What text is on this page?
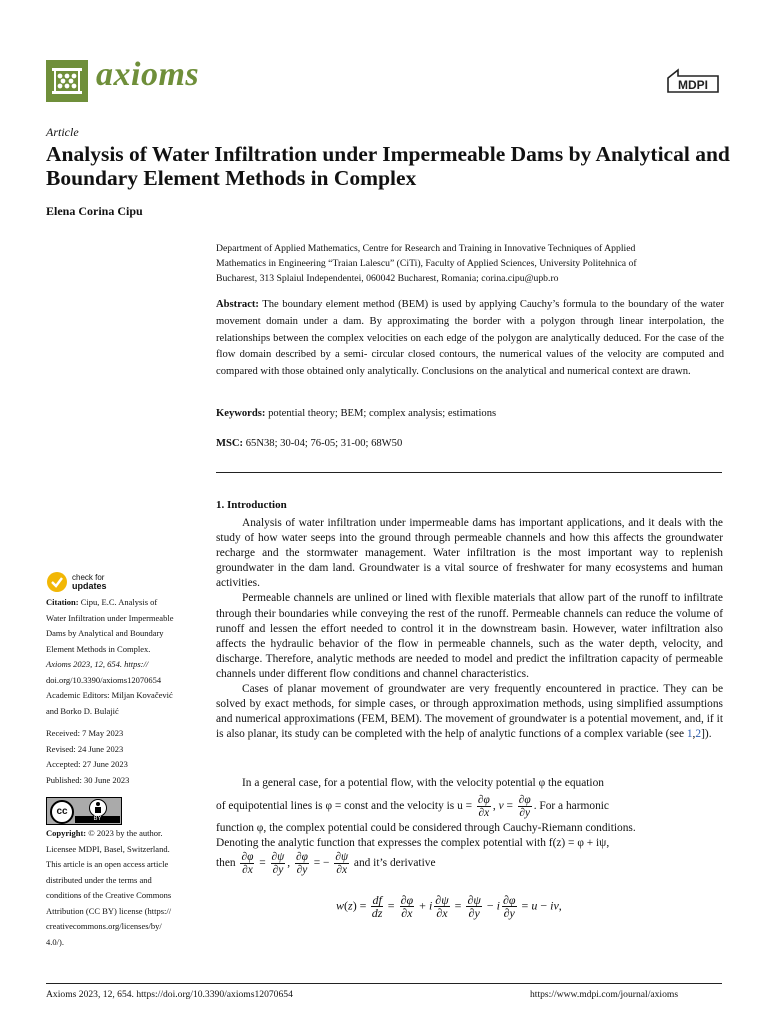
axioms	MDPI
Article
Analysis of Water Infiltration under Impermeable Dams by Analytical and Boundary Element Methods in Complex
Elena Corina Cipu
Department of Applied Mathematics, Centre for Research and Training in Innovative Techniques of Applied
Mathematics in Engineering “Traian Lalescu” (CiTi), Faculty of Applied Sciences, University Politehnica of
Bucharest, 313 Splaiul Independentei, 060042 Bucharest, Romania; corina.cipu@upb.ro
Abstract: The boundary element method (BEM) is used by applying Cauchy’s formula to the boundary of the water movement domain under a dam. By approximating the border with a polygon through linear interpolation, the relationships between the complex velocities on each edge of the polygon are analytically deduced. For the case of the flow domain described by a semi- circular closed contours, the numerical values of the velocity are computed and compared with those obtained only analytically. Conclusions on the analytical and numerical context are drawn.
Keywords: potential theory; BEM; complex analysis; estimations
MSC: 65N38; 30-04; 76-05; 31-00; 68W50
1. Introduction

Analysis of water infiltration under impermeable dams has important applications, and it deals with the study of how water seeps into the ground through permeable channels and how this affects the groundwater recharge and the stormwater management. Water infiltration is the most important way to replenish groundwater in the dam land. Groundwater is a vital source of freshwater for many ecosystems and human activities.

Permeable channels are unlined or lined with flexible materials that allow part of the runoff to infiltrate through their boundaries while conveying the rest of the runoff. Permeable channels can reduce the volume of runoff and lessen the effort needed to control it in the downstream basin. However, water infiltration also affects the hydraulic behavior of the flow in permeable channels, such as the water depth, velocity, and discharge. Therefore, analytic methods are needed to model and predict the infiltration capacity of permeable channels under different flow conditions and channel characteristics.

Cases of planar movement of groundwater are very frequently encountered in practice. They can be solved by exact methods, for simple cases, or through approximation methods, using simplified assumptions and numerical approximations (FEM, BEM). The movement of groundwater is a potential movement, and, if it is also planar, its study can be completed with the help of analytic functions of a complex variable (see 1,2]).

In a general case, for a potential flow, with the velocity potential φ the equation
of equipotential lines is φ = const and the velocity is $u = \frac{\partial\varphi}{\partial x}$ , $v = \frac{\partial\varphi}{\partial y}$ . For a harmonic
function φ, the complex potential could be considered through Cauchy-Riemann conditions.
Denoting the analytic function that expresses the complex potential with f(z) = φ + iψ,
then $\frac{\partial\varphi}{\partial x} = \frac{\partial\psi}{\partial y}$ , $\frac{\partial\varphi}{\partial y}$ = − $\frac{\partial\psi}{\partial x}$ and it’s derivative
$w(z) = \frac{df}{dz} = \frac{\partial\varphi}{\partial x} + i \frac{\partial\psi}{\partial x} = \frac{\partial\psi}{\partial y} - i \frac{\partial\varphi}{\partial y} = u$ − iv,
check for
updates
Citation: Cipu, E.C. Analysis of
Water Infiltration under Impermeable
Dams by Analytical and Boundary
Element Methods in Complex.
Axioms 2023, 12, 654. https://
doi.org/10.3390/axioms12070654
Academic Editors: Miljan Kovačević
and Borko D. Bulajić
Received: 7 May 2023
Revised: 24 June 2023
Accepted: 27 June 2023
Published: 30 June 2023
cc
BY
Copyright: © 2023 by the author.
Licensee MDPI, Basel, Switzerland.
This article is an open access article
distributed under the terms and
conditions of the Creative Commons
Attribution (CC BY) license (https://
creativecommons.org/licenses/by/
4.0/).
Axioms 2023, 12, 654. https://doi.org/10.3390/axioms12070654	https://www.mdpi.com/journal/axioms
